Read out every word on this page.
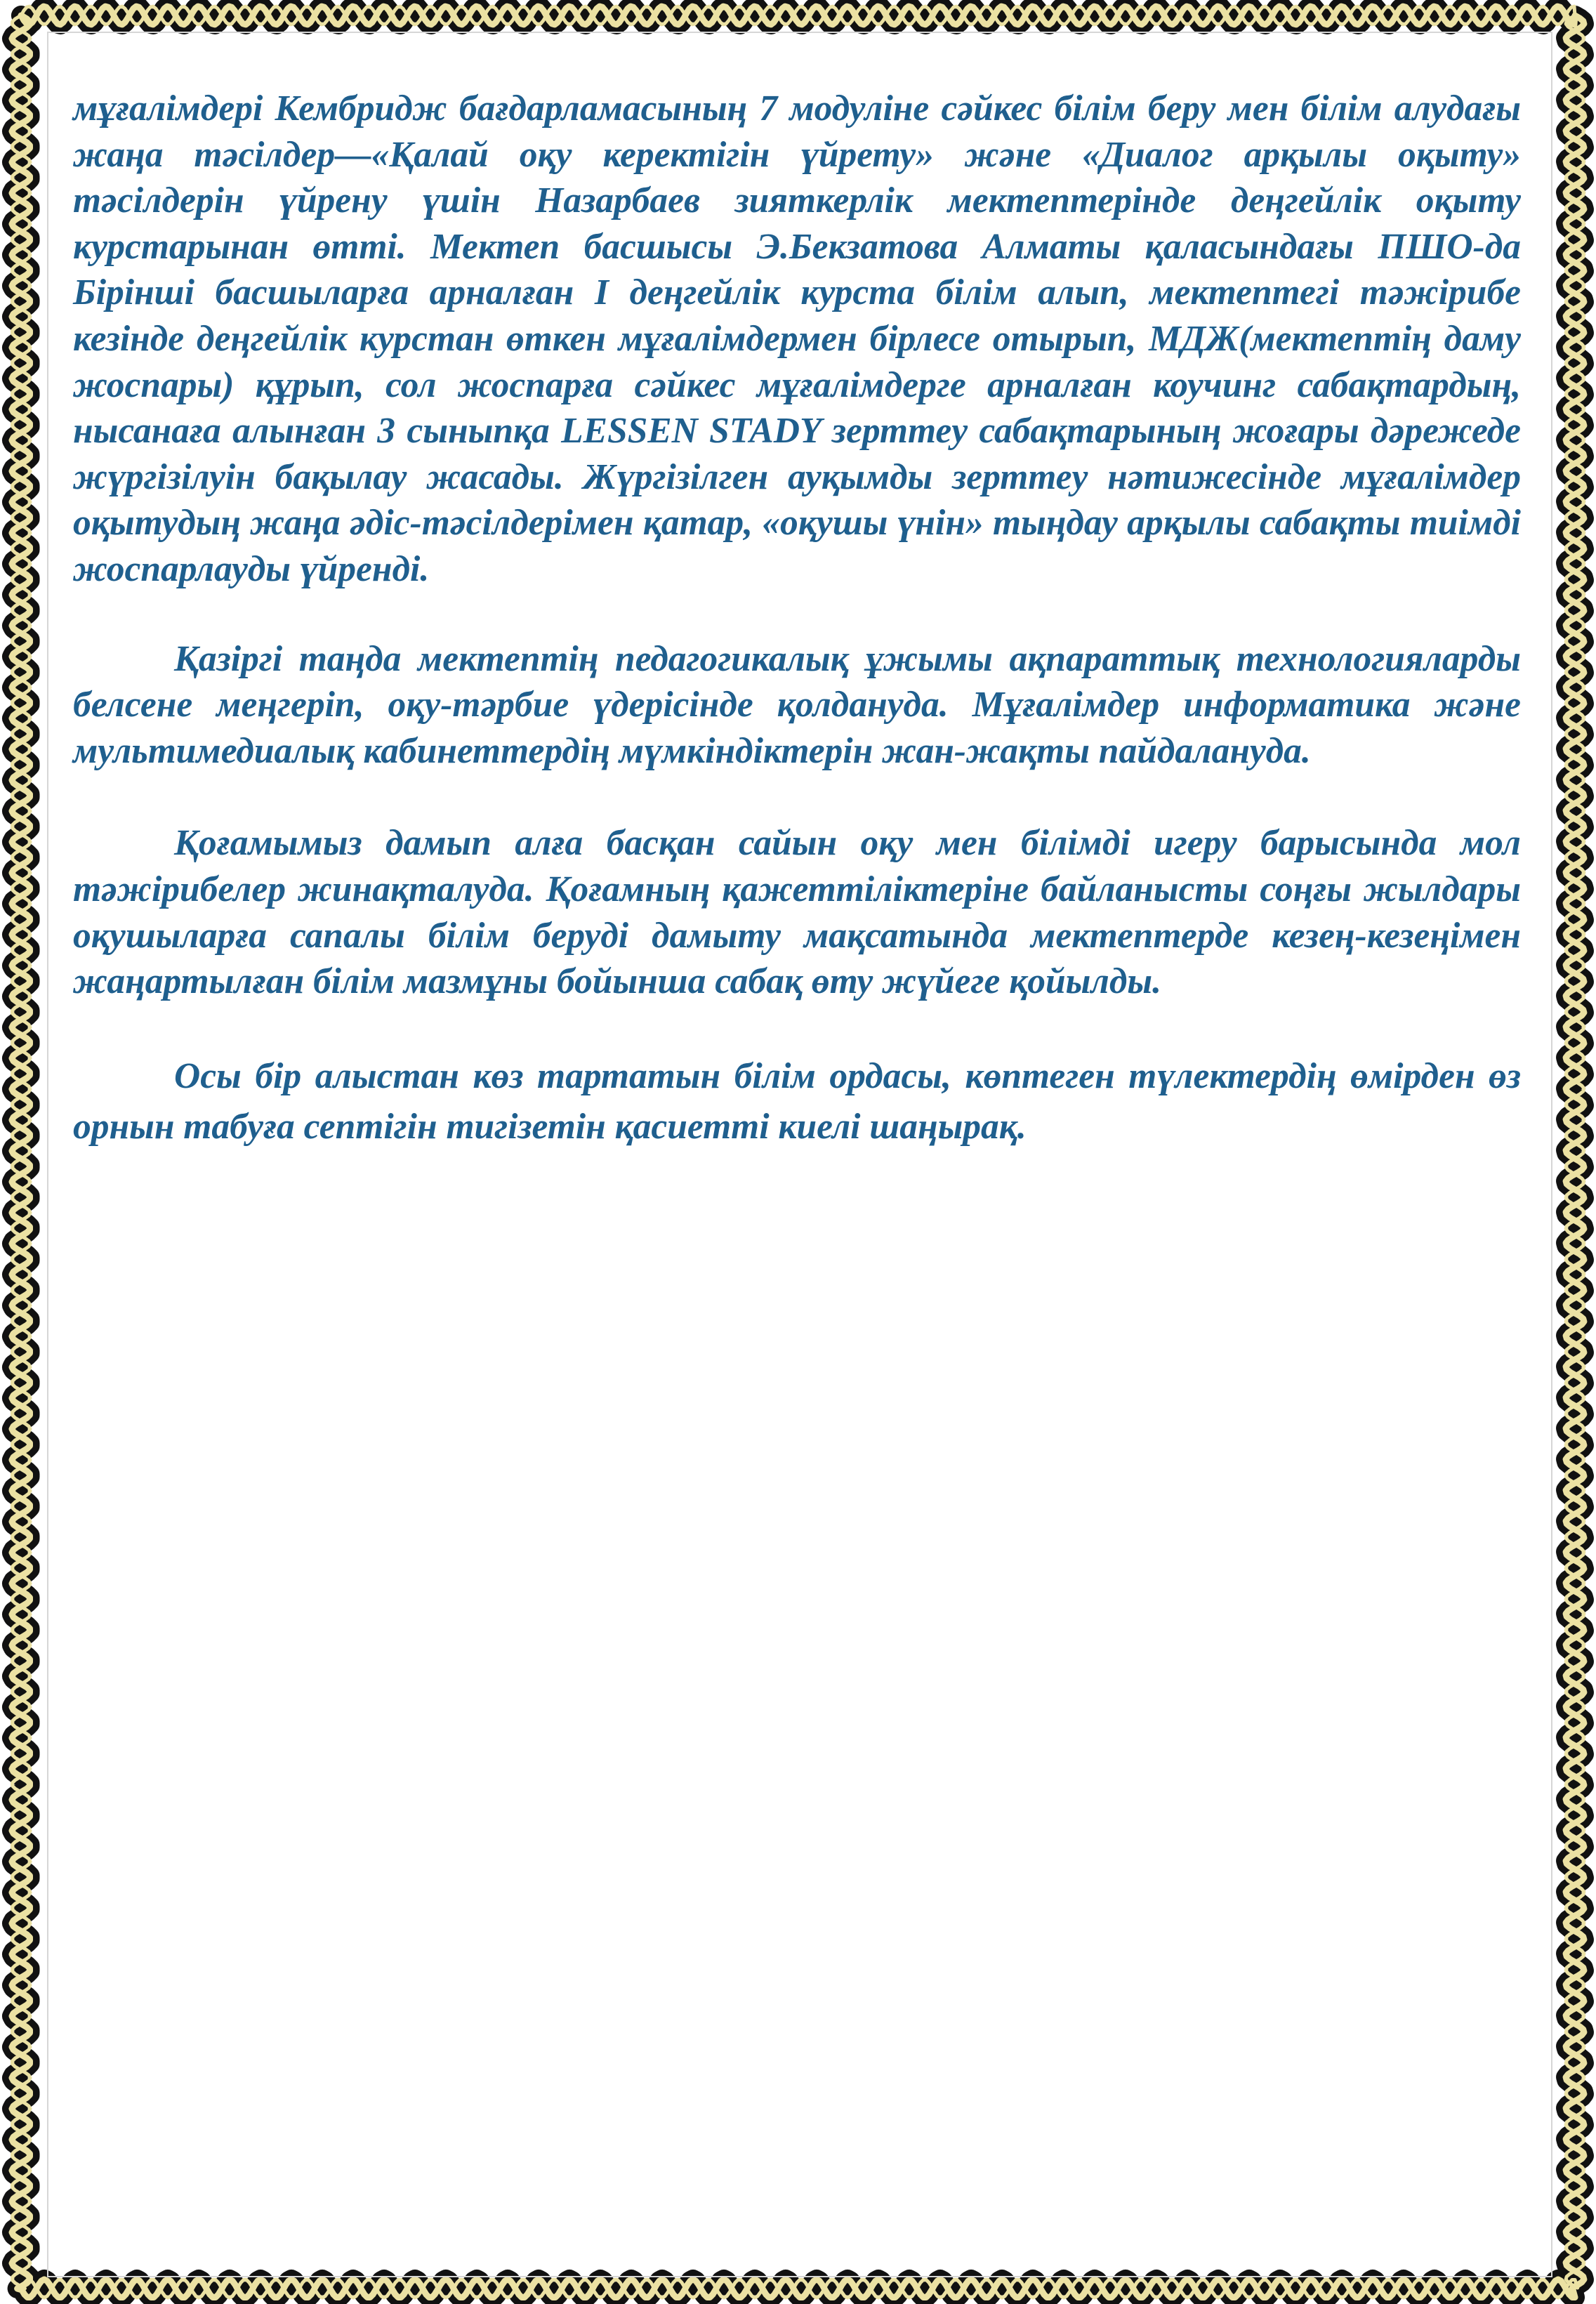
мұғалімдері Кембридж бағдарламасының 7 модуліне сәйкес білім беру мен білім алудағы жаңа тәсілдер—«Қалай оқу керектігін үйрету» және «Диалог арқылы оқыту» тәсілдерін үйрену үшін Назарбаев зияткерлік мектептерінде деңгейлік оқыту курстарынан өтті. Мектеп басшысы Э.Бекзатова Алматы қаласындағы ПШО-да Бірінші басшыларға арналған І деңгейлік курста білім алып, мектептегі тәжірибе кезінде деңгейлік курстан өткен мұғалімдермен бірлесе отырып, МДЖ(мектептің даму жоспары) құрып, сол жоспарға сәйкес мұғалімдерге арналған коучинг сабақтардың, нысанаға алынған 3 сыныпқа LESSEN STADY зерттеу сабақтарының жоғары дәрежеде жүргізілуін бақылау жасады. Жүргізілген ауқымды зерттеу нәтижесінде мұғалімдер оқытудың жаңа әдіс-тәсілдерімен қатар, «оқушы үнін» тыңдау арқылы сабақты тиімді жоспарлауды үйренді.

Қазіргі таңда мектептің педагогикалық ұжымы ақпараттық технологияларды белсене меңгеріп, оқу-тәрбие үдерісінде қолдануда. Мұғалімдер информатика және мультимедиалық кабинеттердің мүмкіндіктерін жан-жақты пайдалануда.

Қоғамымыз дамып алға басқан сайын оқу мен білімді игеру барысында мол тәжірибелер жинақталуда. Қоғамның қажеттіліктеріне байланысты соңғы жылдары оқушыларға сапалы білім беруді дамыту мақсатында мектептерде кезең-кезеңімен жаңартылған білім мазмұны бойынша сабақ өту жүйеге қойылды.

Осы бір алыстан көз тартатын білім ордасы, көптеген түлектердің өмірден өз орнын табуға септігін тигізетін қасиетті киелі шаңырақ.
